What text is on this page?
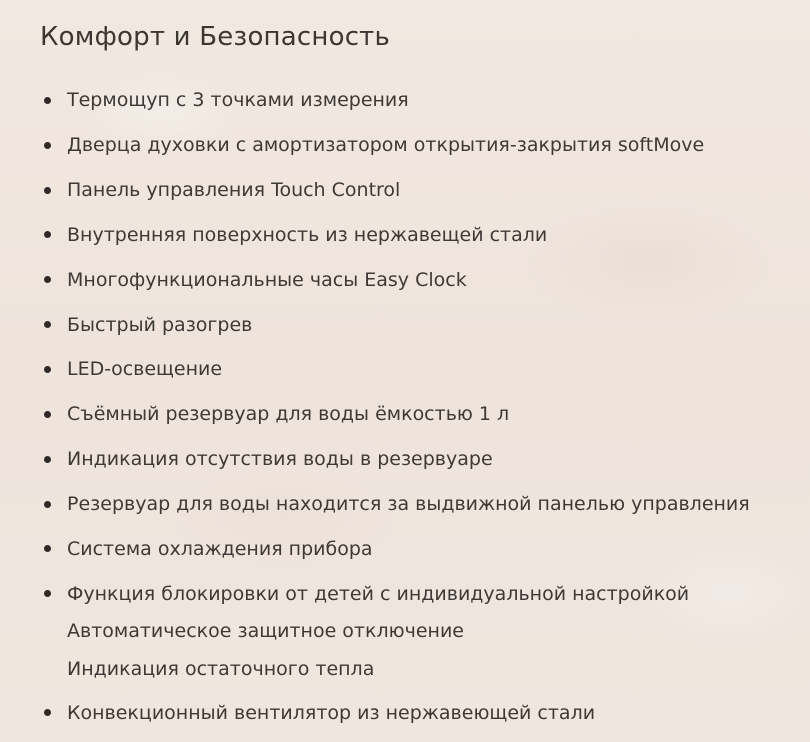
Комфорт и Безопасность
Термощуп с 3 точками измерения
Дверца духовки с амортизатором открытия-закрытия softMove
Панель управления Touch Control
Внутренняя поверхность из нержавещей стали
Многофункциональные часы Easy Clock
Быстрый разогрев
LED-освещение
Съёмный резервуар для воды ёмкостью 1 л
Индикация отсутствия воды в резервуаре
Резервуар для воды находится за выдвижной панелью управления
Система охлаждения прибора
Функция блокировки от детей с индивидуальной настройкой
Автоматическое защитное отключение
Индикация остаточного тепла
Конвекционный вентилятор из нержавеющей стали
